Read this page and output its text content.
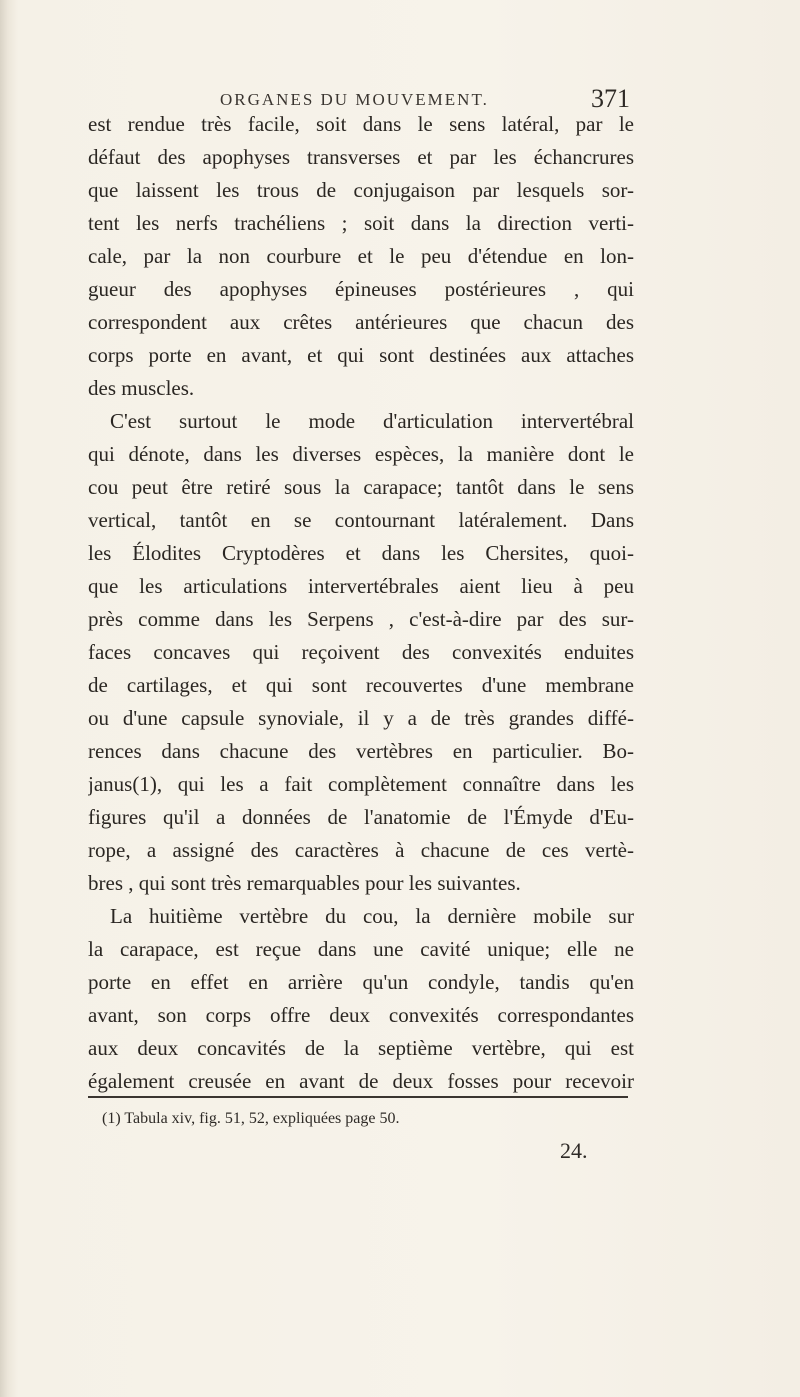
ORGANES DU MOUVEMENT.	371
est rendue très facile, soit dans le sens latéral, par le
défaut des apophyses transverses et par les échancrures
que laissent les trous de conjugaison par lesquels sor-
tent les nerfs trachéliens ; soit dans la direction verti-
cale, par la non courbure et le peu d'étendue en lon-
gueur des apophyses épineuses postérieures , qui
correspondent aux crêtes antérieures que chacun des
corps porte en avant, et qui sont destinées aux attaches
des muscles.
C'est surtout le mode d'articulation intervertébral
qui dénote, dans les diverses espèces, la manière dont le
cou peut être retiré sous la carapace; tantôt dans le sens
vertical, tantôt en se contournant latéralement. Dans
les Élodites Cryptodères et dans les Chersites, quoi-
que les articulations intervertébrales aient lieu à peu
près comme dans les Serpens , c'est-à-dire par des sur-
faces concaves qui reçoivent des convexités enduites
de cartilages, et qui sont recouvertes d'une membrane
ou d'une capsule synoviale, il y a de très grandes diffé-
rences dans chacune des vertèbres en particulier. Bo-
janus(1), qui les a fait complètement connaître dans les
figures qu'il a données de l'anatomie de l'Émyde d'Eu-
rope, a assigné des caractères à chacune de ces vertè-
bres , qui sont très remarquables pour les suivantes.
La huitième vertèbre du cou, la dernière mobile sur
la carapace, est reçue dans une cavité unique; elle ne
porte en effet en arrière qu'un condyle, tandis qu'en
avant, son corps offre deux convexités correspondantes
aux deux concavités de la septième vertèbre, qui est
également creusée en avant de deux fosses pour recevoir
(1) Tabula xiv, fig. 51, 52, expliquées page 50.
24.
